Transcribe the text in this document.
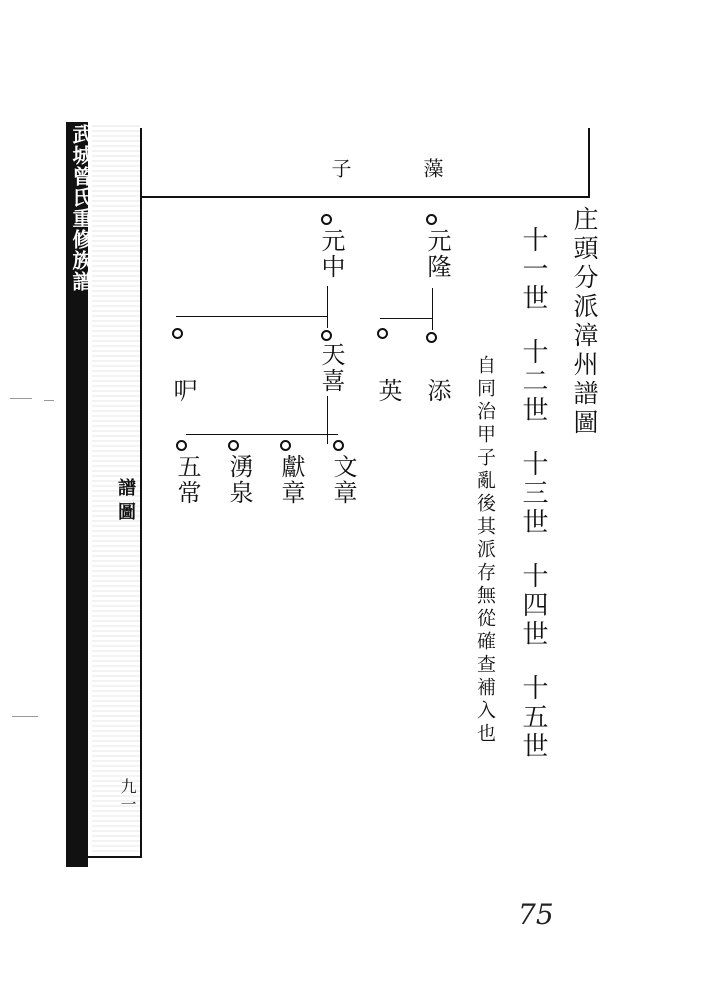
武城曾氏重修族譜
譜圖
九一
庄頭分派漳州譜圖
十一世
十二世
十三世
十四世
十五世
自同治甲子亂後其派存無從確查補入也
藻
子
元隆
元中
添
英
天喜
㕧
文章
獻章
湧泉
五常
75
